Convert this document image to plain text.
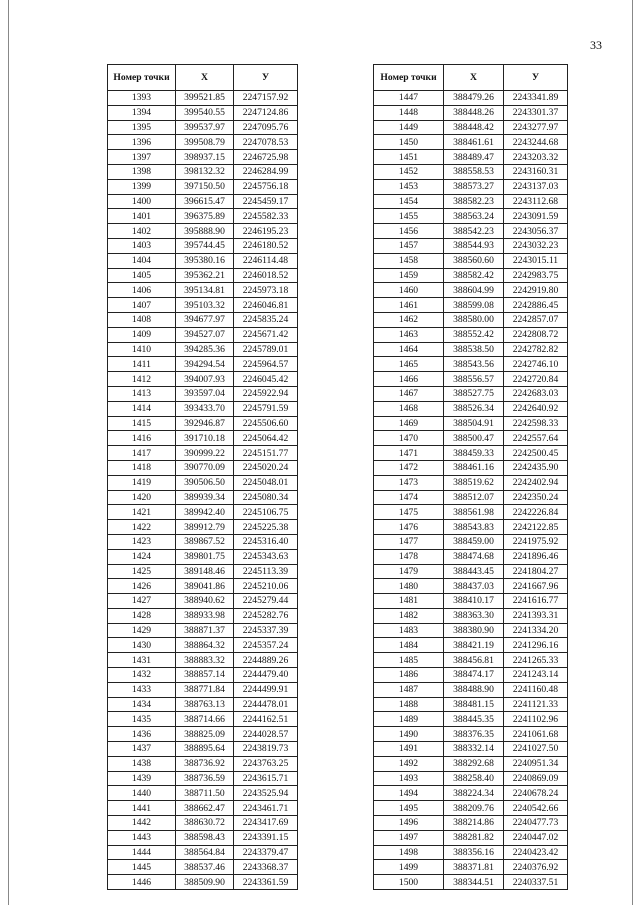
33
Номер точки	X	У
1393	399521.85	2247157.92
1394	399540.55	2247124.86
1395	399537.97	2247095.76
1396	399508.79	2247078.53
1397	398937.15	2246725.98
1398	398132.32	2246284.99
1399	397150.50	2245756.18
1400	396615.47	2245459.17
1401	396375.89	2245582.33
1402	395888.90	2246195.23
1403	395744.45	2246180.52
1404	395380.16	2246114.48
1405	395362.21	2246018.52
1406	395134.81	2245973.18
1407	395103.32	2246046.81
1408	394677.97	2245835.24
1409	394527.07	2245671.42
1410	394285.36	2245789.01
1411	394294.54	2245964.57
1412	394007.93	2246045.42
1413	393597.04	2245922.94
1414	393433.70	2245791.59
1415	392946.87	2245506.60
1416	391710.18	2245064.42
1417	390999.22	2245151.77
1418	390770.09	2245020.24
1419	390506.50	2245048.01
1420	389939.34	2245080.34
1421	389942.40	2245106.75
1422	389912.79	2245225.38
1423	389867.52	2245316.40
1424	389801.75	2245343.63
1425	389148.46	2245113.39
1426	389041.86	2245210.06
1427	388940.62	2245279.44
1428	388933.98	2245282.76
1429	388871.37	2245337.39
1430	388864.32	2245357.24
1431	388883.32	2244889.26
1432	388857.14	2244479.40
1433	388771.84	2244499.91
1434	388763.13	2244478.01
1435	388714.66	2244162.51
1436	388825.09	2244028.57
1437	388895.64	2243819.73
1438	388736.92	2243763.25
1439	388736.59	2243615.71
1440	388711.50	2243525.94
1441	388662.47	2243461.71
1442	388630.72	2243417.69
1443	388598.43	2243391.15
1444	388564.84	2243379.47
1445	388537.46	2243368.37
1446	388509.90	2243361.59
Номер точки	X	У
1447	388479.26	2243341.89
1448	388448.26	2243301.37
1449	388448.42	2243277.97
1450	388461.61	2243244.68
1451	388489.47	2243203.32
1452	388558.53	2243160.31
1453	388573.27	2243137.03
1454	388582.23	2243112.68
1455	388563.24	2243091.59
1456	388542.23	2243056.37
1457	388544.93	2243032.23
1458	388560.60	2243015.11
1459	388582.42	2242983.75
1460	388604.99	2242919.80
1461	388599.08	2242886.45
1462	388580.00	2242857.07
1463	388552.42	2242808.72
1464	388538.50	2242782.82
1465	388543.56	2242746.10
1466	388556.57	2242720.84
1467	388527.75	2242683.03
1468	388526.34	2242640.92
1469	388504.91	2242598.33
1470	388500.47	2242557.64
1471	388459.33	2242500.45
1472	388461.16	2242435.90
1473	388519.62	2242402.94
1474	388512.07	2242350.24
1475	388561.98	2242226.84
1476	388543.83	2242122.85
1477	388459.00	2241975.92
1478	388474.68	2241896.46
1479	388443.45	2241804.27
1480	388437.03	2241667.96
1481	388410.17	2241616.77
1482	388363.30	2241393.31
1483	388380.90	2241334.20
1484	388421.19	2241296.16
1485	388456.81	2241265.33
1486	388474.17	2241243.14
1487	388488.90	2241160.48
1488	388481.15	2241121.33
1489	388445.35	2241102.96
1490	388376.35	2241061.68
1491	388332.14	2241027.50
1492	388292.68	2240951.34
1493	388258.40	2240869.09
1494	388224.34	2240678.24
1495	388209.76	2240542.66
1496	388214.86	2240477.73
1497	388281.82	2240447.02
1498	388356.16	2240423.42
1499	388371.81	2240376.92
1500	388344.51	2240337.51
